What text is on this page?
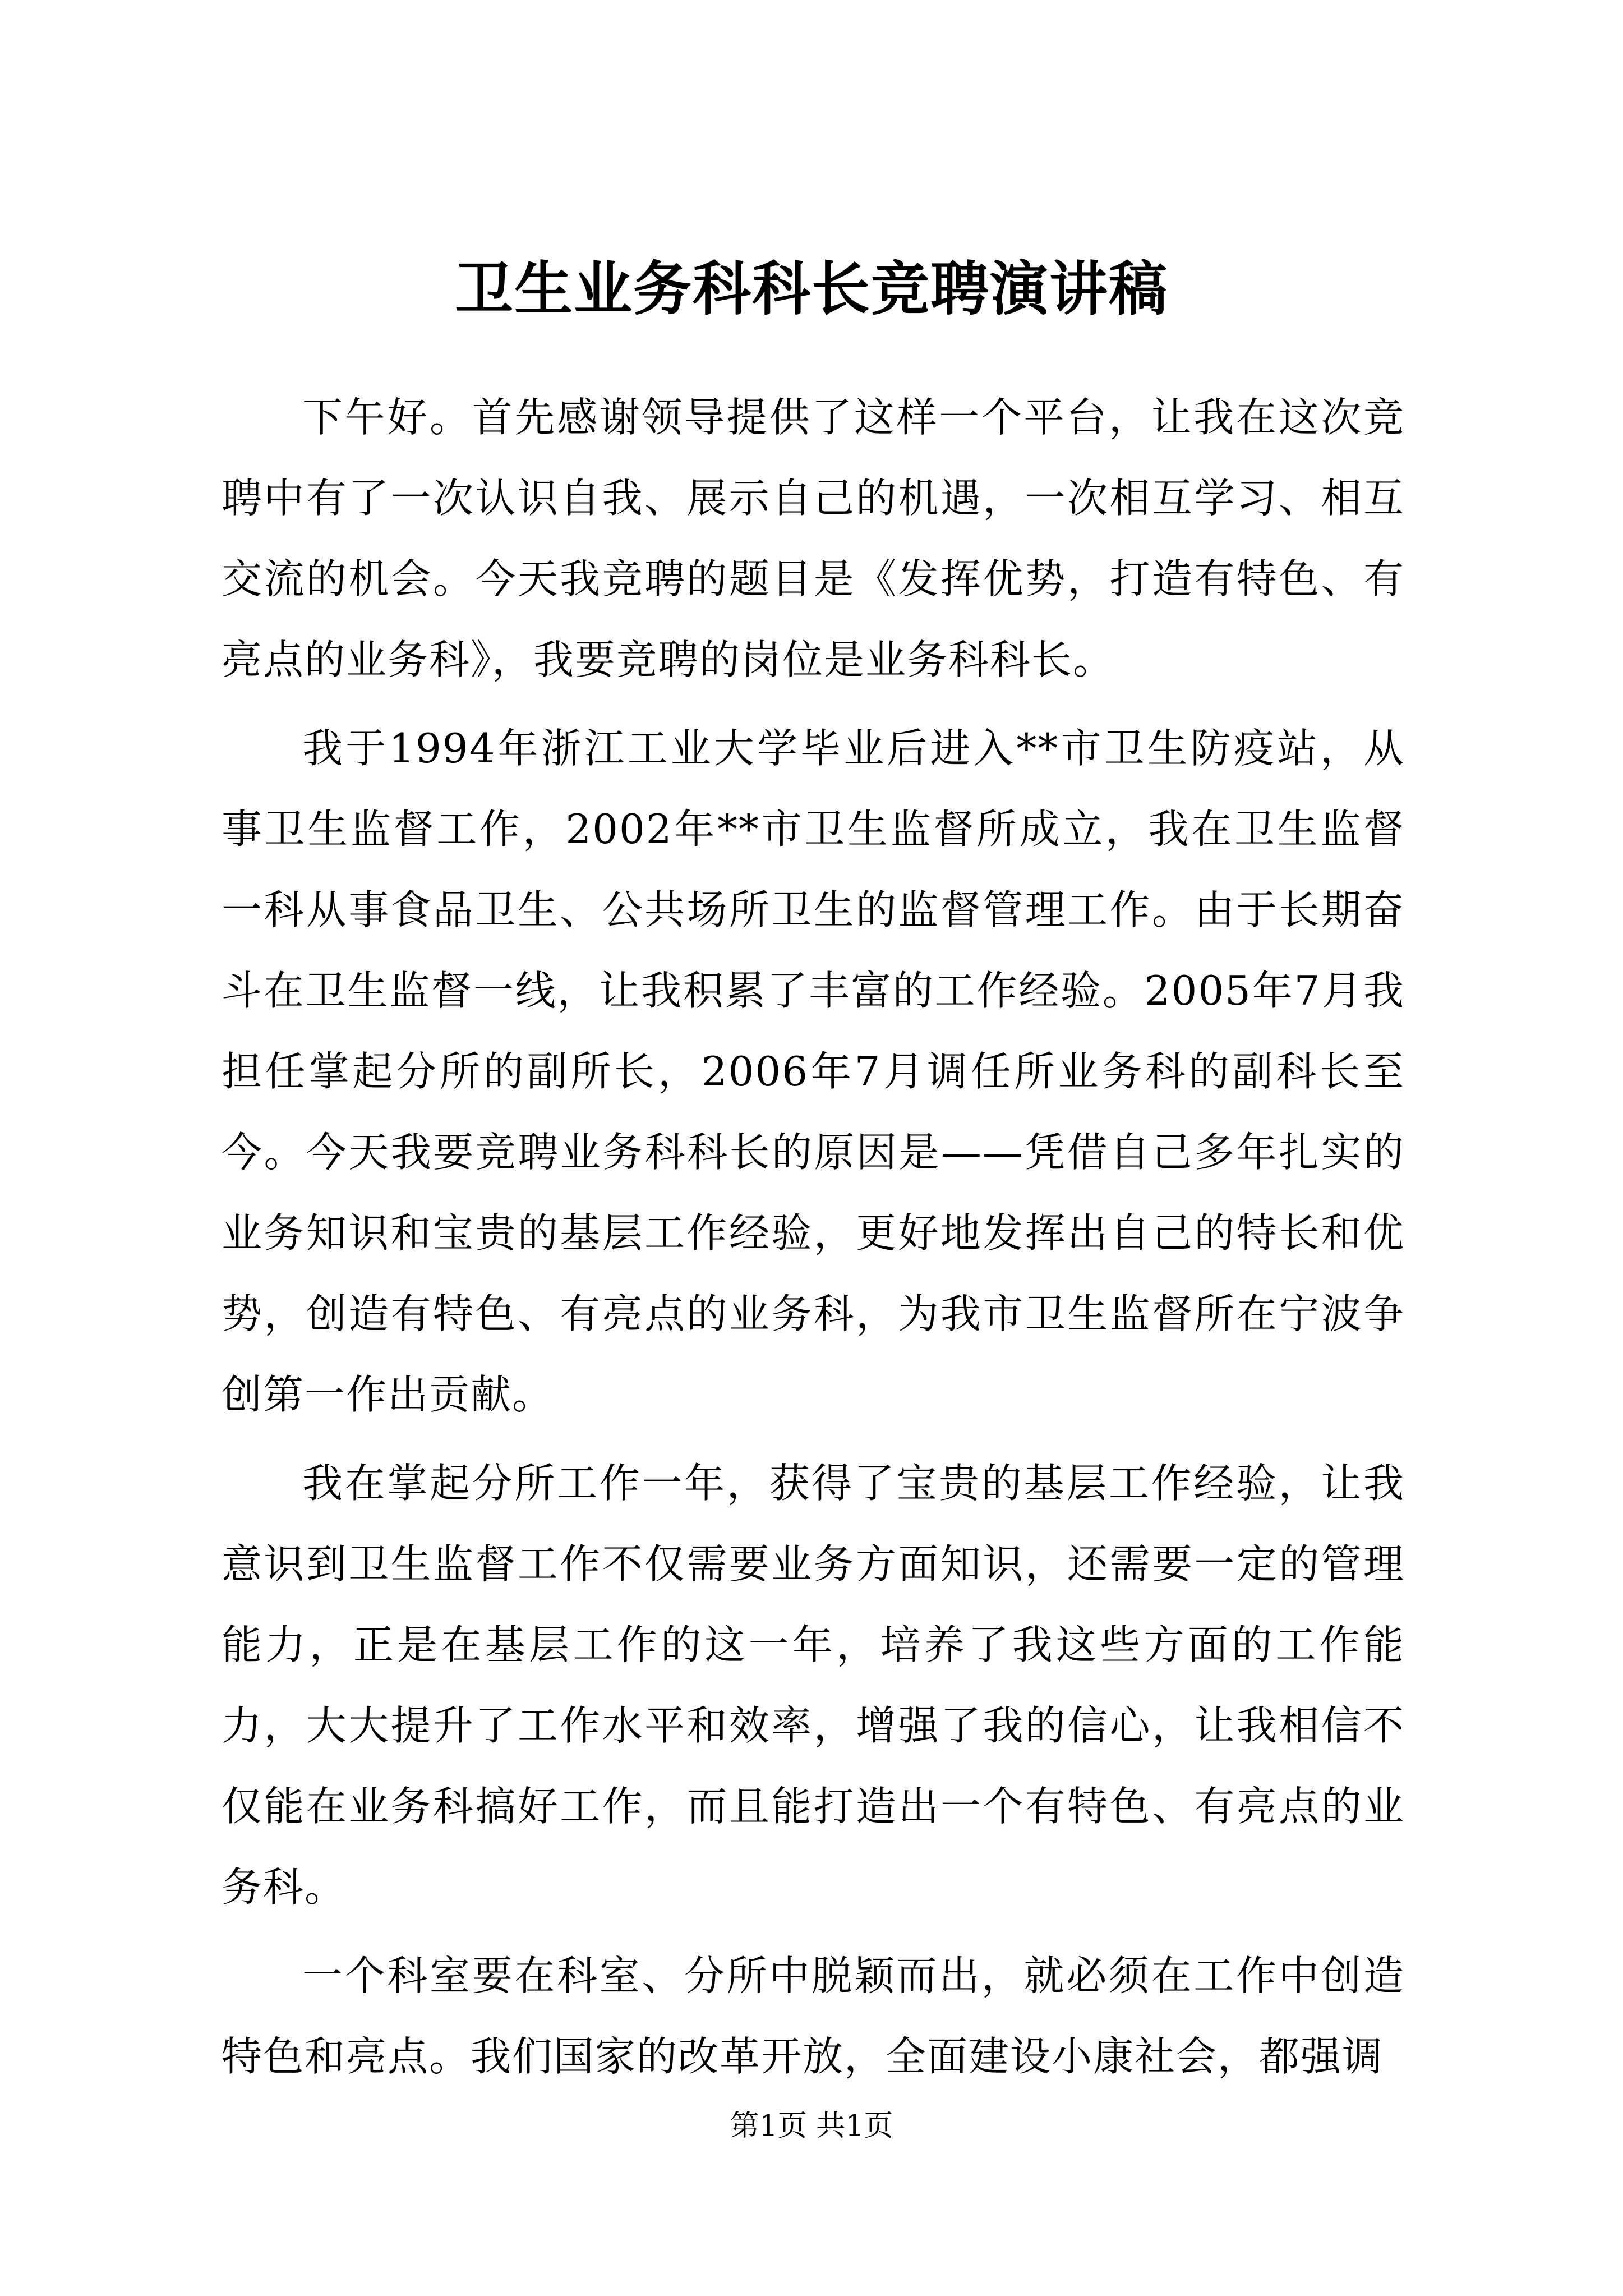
卫生业务科科长竞聘演讲稿

下午好。首先感谢领导提供了这样一个平台，让我在这次竞聘中有了一次认识自我、展示自己的机遇，一次相互学习、相互交流的机会。今天我竞聘的题目是《发挥优势，打造有特色、有亮点的业务科》，我要竞聘的岗位是业务科科长。

我于1994年浙江工业大学毕业后进入**市卫生防疫站，从事卫生监督工作，2002年**市卫生监督所成立，我在卫生监督一科从事食品卫生、公共场所卫生的监督管理工作。由于长期奋斗在卫生监督一线，让我积累了丰富的工作经验。2005年7月我担任掌起分所的副所长，2006年7月调任所业务科的副科长至今。今天我要竞聘业务科科长的原因是——凭借自己多年扎实的业务知识和宝贵的基层工作经验，更好地发挥出自己的特长和优势，创造有特色、有亮点的业务科，为我市卫生监督所在宁波争创第一作出贡献。

我在掌起分所工作一年，获得了宝贵的基层工作经验，让我意识到卫生监督工作不仅需要业务方面知识，还需要一定的管理能力，正是在基层工作的这一年，培养了我这些方面的工作能力，大大提升了工作水平和效率，增强了我的信心，让我相信不仅能在业务科搞好工作，而且能打造出一个有特色、有亮点的业务科。

一个科室要在科室、分所中脱颖而出，就必须在工作中创造特色和亮点。我们国家的改革开放，全面建设小康社会，都强调

第1页 共1页
